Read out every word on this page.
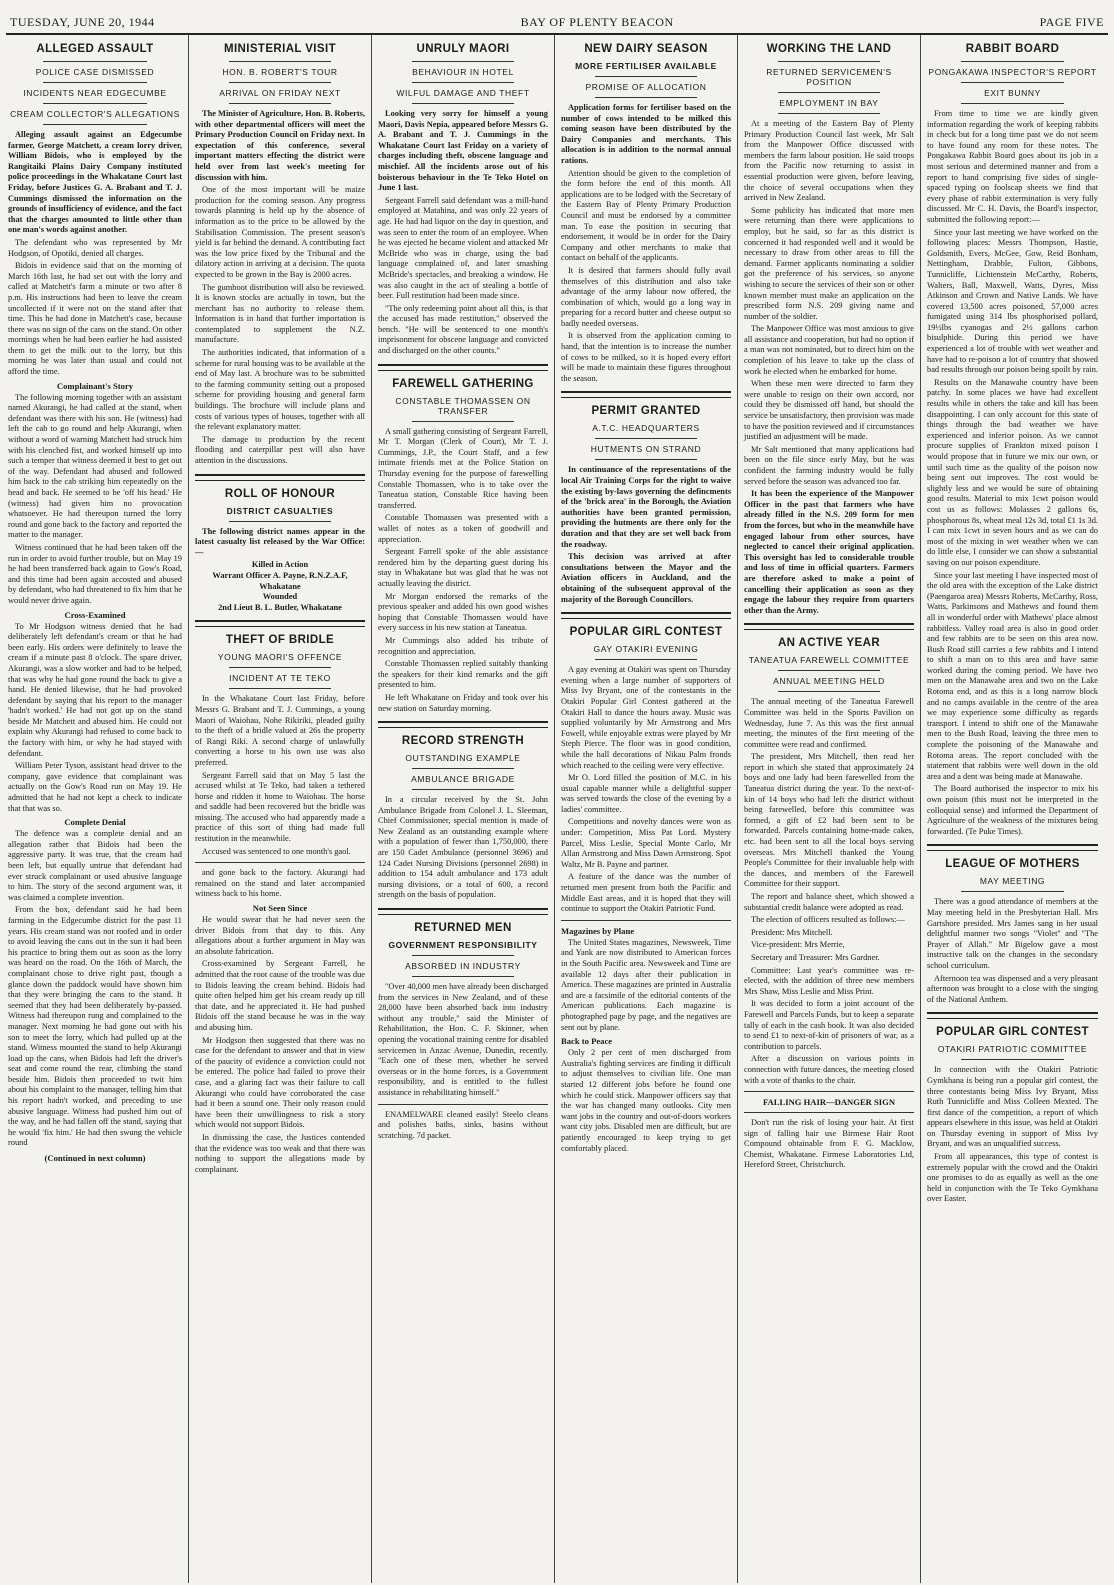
TUESDAY, JUNE 20, 1944	BAY OF PLENTY BEACON	PAGE FIVE
ALLEGED ASSAULT
POLICE CASE DISMISSED
INCIDENTS NEAR EDGECUMBE
CREAM COLLECTOR'S ALLEGATIONS

Alleging assault against an Edgecumbe farmer, George Matchett, a cream lorry driver, William Bidois, who is employed by the Rangitaiki Plains Dairy Company instituted police proceedings in the Whakatane Court last Friday, before Justices G. A. Brabant and T. J. Cummings dismissed the information on the grounds of insufficiency of evidence, and the fact that the charges amounted to little other than one man's words against another.

The defendant who was represented by Mr Hodgson, of Opotiki, denied all charges.

Bidois in evidence said that on the morning of March 16th last, he had set out with the lorry and called at Matchett's farm a minute or two after 8 p.m. His instructions had been to leave the cream uncollected if it were not on the stand after that time. This he had done in Matchett's case, because there was no sign of the cans on the stand. On other mornings when he had been earlier he had assisted them to get the milk out to the lorry, but this morning he was later than usual and could not afford the time.

Complainant's Story

The following morning together with an assistant named Akurangi, he had called at the stand, when defendant was there with his son. He (witness) had left the cab to go round and help Akurangi, when without a word of warning Matchett had struck him with his clenched fist, and worked himself up into such a temper that witness deemed it best to get out of the way. Defendant had abused and followed him back to the cab striking him repeatedly on the head and back. He seemed to be 'off his head.' He (witness) had given him no provocation whatsoever. He had thereupon turned the lorry round and gone back to the factory and reported the matter to the manager.

Witness continued that he had been taken off the run in order to avoid further trouble, but on May 19 he had been transferred back again to Gow's Road, and this time had been again accosted and abused by defendant, who had threatened to fix him that he would never drive again.

Cross-Examined

To Mr Hodgson witness denied that he had deliberately left defendant's cream or that he had been early. His orders were definitely to leave the cream if a minute past 8 o'clock. The spare driver, Akurangi, was a slow worker and had to be helped, that was why he had gone round the back to give a hand. He denied likewise, that he had provoked defendant by saying that his report to the manager 'hadn't worked.' He had not got up on the stand beside Mr Matchett and abused him. He could not explain why Akurangi had refused to come back to the factory with him, or why he had stayed with defendant.

William Peter Tyson, assistant head driver to the company, gave evidence that complainant was actually on the Gow's Road run on May 19. He admitted that he had not kept a check to indicate that that was so.

Complete Denial

The defence was a complete denial and an allegation rather that Bidois had been the aggressive party. It was true, that the cream had been left, but equally untrue that defendant had ever struck complainant or used abusive language to him. The story of the second argument was, it was claimed a complete invention.

From the box, defendant said he had been farming in the Edgecumbe district for the past 11 years. His cream stand was not roofed and in order to avoid leaving the cans out in the sun it had been his practice to bring them out as soon as the lorry was heard on the road. On the 16th of March, the complainant chose to drive right past, though a glance down the paddock would have shown him that they were bringing the cans to the stand. It seemed that they had been deliberately by-passed. Witness had thereupon rung and complained to the manager. Next morning he had gone out with his son to meet the lorry, which had pulled up at the stand. Witness mounted the stand to help Akurangi load up the cans, when Bidois had left the driver's seat and come round the rear, climbing the stand beside him. Bidois then proceeded to twit him about his complaint to the manager, telling him that his report hadn't worked, and preceding to use abusive language. Witness had pushed him out of the way, and he had fallen off the stand, saying that he would 'fix him.' He had then swung the vehicle round

(Continued in next column)
MINISTERIAL VISIT
HON. B. ROBERT'S TOUR
ARRIVAL ON FRIDAY NEXT

The Minister of Agriculture, Hon. B. Roberts, with other departmental officers will meet the Primary Production Council on Friday next. In expectation of this conference, several important matters effecting the district were held over from last week's meeting for discussion with him.

One of the most important will be maize production for the coming season. Any progress towards planning is held up by the absence of information as to the price to be allowed by the Stabilisation Commission. The present season's yield is far behind the demand. A contributing fact was the low price fixed by the Tribunal and the dilatory action in arriving at a decision. The quota expected to be grown in the Bay is 2000 acres.

The gumboot distribution will also be reviewed. It is known stocks are actually in town, but the merchant has no authority to release them. Information is in hand that further importation is contemplated to supplement the N.Z. manufacture.

The authorities indicated, that information of a scheme for rural housing was to be available at the end of May last. A brochure was to be submitted to the farming community setting out a proposed scheme for providing housing and general farm buildings. The brochure will include plans and costs of various types of houses, together with all the relevant explanatory matter.

The damage to production by the recent flooding and caterpillar pest will also have attention in the discussions.

ROLL OF HONOUR
DISTRICT CASUALTIES

The following district names appear in the latest casualty list released by the War Office:—

Killed in Action
Warrant Officer A. Payne, R.N.Z.A.F, Whakatane
Wounded
2nd Lieut B. L. Butler, Whakatane
THEFT OF BRIDLE
YOUNG MAORI'S OFFENCE
INCIDENT AT TE TEKO

In the Whakatane Court last Friday, before Messrs G. Brabant and T. J. Cummings, a young Maori of Waiohau, Nohe Rikiriki, pleaded guilty to the theft of a bridle valued at 26s the property of Rangi Riki. A second charge of unlawfully converting a horse to his own use was also preferred.

Sergeant Farrell said that on May 5 last the accused whilst at Te Teko, had taken a tethered horse and ridden it home to Waiohau. The horse and saddle had been recovered but the bridle was missing. The accused who had apparently made a practice of this sort of thing had made full restitution in the meanwhile.

Accused was sentenced to one month's gaol.

and gone back to the factory. Akurangi had remained on the stand and later accompanied witness back to his home.

Not Seen Since

He would swear that he had never seen the driver Bidois from that day to this. Any allegations about a further argument in May was an absolute fabrication.

Cross-examined by Sergeant Farrell, he admitted that the root cause of the trouble was due to Bidois leaving the cream behind. Bidois had quite often helped him get his cream ready up till that date, and he appreciated it. He had pushed Bidois off the stand because he was in the way and abusing him.

Mr Hodgson then suggested that there was no case for the defendant to answer and that in view of the paucity of evidence a conviction could not be entered. The police had failed to prove their case, and a glaring fact was their failure to call Akurangi who could have corroborated the case had it been a sound one. Their only reason could have been their unwillingness to risk a story which would not support Bidois.

In dismissing the case, the Justices contended that the evidence was too weak and that there was nothing to support the allegations made by complainant.

UNRULY MAORI
BEHAVIOUR IN HOTEL
WILFUL DAMAGE AND THEFT

Looking very sorry for himself a young Maori, Davis Nepia, appeared before Messrs G. A. Brabant and T. J. Cummings in the Whakatane Court last Friday on a variety of charges including theft, obscene language and mischief. All the incidents arose out of his boisterous behaviour in the Te Teko Hotel on June 1 last.

Sergeant Farrell said defendant was a mill-hand employed at Matahina, and was only 22 years of age. He had had liquor on the day in question, and was seen to enter the room of an employee. When he was ejected he became violent and attacked Mr McBride who was in charge, using the bad language complained of, and later smashing McBride's spectacles, and breaking a window. He was also caught in the act of stealing a bottle of beer. Full restitution had been made since.

"The only redeeming point about all this, is that the accused has made restitution," observed the bench. "He will be sentenced to one month's imprisonment for obscene language and convicted and discharged on the other counts."

FAREWELL GATHERING
CONSTABLE THOMASSEN ON TRANSFER

A small gathering consisting of Sergeant Farrell, Mr T. Morgan (Clerk of Court), Mr T. J. Cummings, J.P., the Court Staff, and a few intimate friends met at the Police Station on Thursday evening for the purpose of farewelling Constable Thomassen, who is to take over the Taneatua station, Constable Rice having been transferred.

Constable Thomassen was presented with a wallet of notes as a token of goodwill and appreciation.

Sergeant Farrell spoke of the able assistance rendered him by the departing guest during his stay in Whakatane but was glad that he was not actually leaving the district.

Mr Morgan endorsed the remarks of the previous speaker and added his own good wishes hoping that Constable Thomassen would have every success in his new station at Taneatua.

Mr Cummings also added his tribute of recognition and appreciation.

Constable Thomassen replied suitably thanking the speakers for their kind remarks and the gift presented to him.

He left Whakatane on Friday and took over his new station on Saturday morning.

RECORD STRENGTH
OUTSTANDING EXAMPLE
AMBULANCE BRIGADE

In a circular received by the St. John Ambulance Brigade from Colonel J. L. Sleeman, Chief Commissioner, special mention is made of New Zealand as an outstanding example where with a population of fewer than 1,750,000, there are 150 Cadet Ambulance (personnel 3696) and 124 Cadet Nursing Divisions (personnel 2698) in addition to 154 adult ambulance and 173 adult nursing divisions, or a total of 600, a record strength on the basis of population.

RETURNED MEN
GOVERNMENT RESPONSIBILITY
ABSORBED IN INDUSTRY

"Over 40,000 men have already been discharged from the services in New Zealand, and of these 28,000 have been absorbed back into industry without any trouble," said the Minister of Rehabilitation, the Hon. C. F. Skinner, when opening the vocational training centre for disabled servicemen in Anzac Avenue, Dunedin, recently. "Each one of these men, whether he served overseas or in the home forces, is a Government responsibility, and is entitled to the fullest assistance in rehabilitating himself."

ENAMELWARE cleaned easily! Steelo cleans and polishes baths, sinks, basins without scratching. 7d packet.

NEW DAIRY SEASON
MORE FERTILISER AVAILABLE
PROMISE OF ALLOCATION

Application forms for fertiliser based on the number of cows intended to be milked this coming season have been distributed by the Dairy Companies and merchants. This allocation is in addition to the normal annual rations.

Attention should be given to the completion of the form before the end of this month. All applications are to be lodged with the Secretary of the Eastern Bay of Plenty Primary Production Council and must be endorsed by a committee man. To ease the position in securing that endorsement, it would be in order for the Dairy Company and other merchants to make that contact on behalf of the applicants.

It is desired that farmers should fully avail themselves of this distribution and also take advantage of the army labour now offered, the combination of which, would go a long way in preparing for a record butter and cheese output so badly needed overseas.

It is observed from the application coming to hand, that the intention is to increase the number of cows to be milked, so it is hoped every effort will be made to maintain these figures throughout the season.

PERMIT GRANTED
A.T.C. HEADQUARTERS
HUTMENTS ON STRAND

In continuance of the representations of the local Air Training Corps for the right to waive the existing by-laws governing the defincments of the 'brick area' in the Borough, the Aviation authorities have been granted permission, providing the hutments are there only for the duration and that they are set well back from the roadway.

This decision was arrived at after consultations between the Mayor and the Aviation officers in Auckland, and the obtaining of the subsequent approval of the majority of the Borough Councillors.

POPULAR GIRL CONTEST
GAY OTAKIRI EVENING

A gay evening at Otakiri was spent on Thursday evening when a large number of supporters of Miss Ivy Bryant, one of the contestants in the Otakiri Popular Girl Contest gathered at the Otakiri Hall to dance the hours away. Music was supplied voluntarily by Mr Armstrong and Mrs Fowell, while enjoyable extras were played by Mr Steph Pierce. The floor was in good condition, while the hall decorations of Nikau Palm fronds which reached to the ceiling were very effective.

Mr O. Lord filled the position of M.C. in his usual capable manner while a delightful supper was served towards the close of the evening by a ladies' committee.

Competitions and novelty dances were won as under: Competition, Miss Pat Lord. Mystery Parcel, Miss Leslie, Special Monte Carlo, Mr Allan Armstrong and Miss Dawn Armstrong. Spot Waltz, Mr B. Payne and partner.

A feature of the dance was the number of returned men present from both the Pacific and Middle East areas, and it is hoped that they will continue to support the Otakiri Patriotic Fund.

Magazines by Plane

The United States magazines, Newsweek, Time and Yank are now distributed to American forces in the South Pacific area. Newsweek and Time are available 12 days after their publication in America. These magazines are printed in Australia and are a facsimile of the editorial contents of the American publications. Each magazine is photographed page by page, and the negatives are sent out by plane.

Back to Peace

Only 2 per cent of men discharged from Australia's fighting services are finding it difficult to adjust themselves to civilian life. One man started 12 different jobs before he found one which he could stick. Manpower officers say that the war has changed many outlooks. City men want jobs in the country and out-of-doors workers want city jobs. Disabled men are difficult, but are patiently encouraged to keep trying to get comfortably placed.

WORKING THE LAND
RETURNED SERVICEMEN'S POSITION
EMPLOYMENT IN BAY

At a meeting of the Eastern Bay of Plenty Primary Production Council last week, Mr Salt from the Manpower Office discussed with members the farm labour position. He said troops from the Pacific now returning to assist in essential production were given, before leaving, the choice of several occupations when they arrived in New Zealand.

Some publicity has indicated that more men were returning than there were applications to employ, but he said, so far as this district is concerned it had responded well and it would be necessary to draw from other areas to fill the demand. Farmer applicants nominating a soldier got the preference of his services, so anyone wishing to secure the services of their son or other known member must make an application on the prescribed form N.S. 209 giving name and number of the soldier.

The Manpower Office was most anxious to give all assistance and cooperation, but had no option if a man was not nominated, but to direct him on the completion of his leave to take up the class of work he elected when he embarked for home.

When these men were directed to farm they were unable to resign on their own accord, nor could they be dismissed off hand, but should the service be unsatisfactory, then provision was made to have the position reviewed and if circumstances justified an adjustment will be made.

Mr Salt mentioned that many applications had been on the file since early May, but he was confident the farming industry would be fully served before the season was advanced too far.

It has been the experience of the Manpower Officer in the past that farmers who have already filled in the N.S. 209 form for men from the forces, but who in the meanwhile have engaged labour from other sources, have neglected to cancel their original application. This oversight has led to considerable trouble and loss of time in official quarters. Farmers are therefore asked to make a point of cancelling their application as soon as they engage the labour they require from quarters other than the Army.

AN ACTIVE YEAR
TANEATUA FAREWELL COMMITTEE
ANNUAL MEETING HELD

The annual meeting of the Taneatua Farewell Committee was held in the Sports Pavilion on Wednesday, June 7. As this was the first annual meeting, the minutes of the first meeting of the committee were read and confirmed.

The president, Mrs Mitchell, then read her report in which she stated that approximately 24 boys and one lady had been farewelled from the Taneatua district during the year. To the next-of-kin of 14 boys who had left the district without being farewelled, before this committee was formed, a gift of £2 had been sent to be forwarded. Parcels containing home-made cakes, etc. had been sent to all the local boys serving overseas. Mrs Mitchell thanked the Young People's Committee for their invaluable help with the dances, and members of the Farewell Committee for their support.

The report and balance sheet, which showed a substantial credit balance were adopted as read.

The election of officers resulted as follows:—

President: Mrs Mitchell.

Vice-president: Mrs Merrie,

Secretary and Treasurer: Mrs Gardner.

Committee: Last year's committee was re-elected, with the addition of three new members Mrs Shaw, Miss Leslie and Miss Print.

It was decided to form a joint account of the Farewell and Parcels Funds, but to keep a separate tally of each in the cash book. It was also decided to send £1 to next-of-kin of prisoners of war, as a contribution to parcels.

After a discussion on various points in connection with future dances, the meeting closed with a vote of thanks to the chair.

FALLING HAIR—DANGER SIGN

Don't run the risk of losing your hair. At first sign of falling hair use Birmese Hair Root Compound obtainable from F. G. Macklow, Chemist, Whakatane. Firmese Laboratories Ltd, Hereford Street, Christchurch.

RABBIT BOARD
PONGAKAWA INSPECTOR'S REPORT
EXIT BUNNY

From time to time we are kindly given information regarding the work of keeping rabbits in check but for a long time past we do not seem to have found any room for these notes. The Pongakawa Rabbit Board goes about its job in a most serious and determined manner and from a report to hand comprising five sides of single-spaced typing on foolscap sheets we find that every phase of rabbit extermination is very fully discussed. Mr C. H. Davis, the Board's inspector, submitted the following report:—

Since your last meeting we have worked on the following places: Messrs Thompson, Hastie, Goldsmith, Evers, McGee, Gow, Reid Bonham, Nettingham, Drabble, Fulton, Gibbons, Tunnicliffe, Lichtenstein McCarthy, Roberts, Walters, Ball, Maxwell, Watts, Dyres, Miss Atkinson and Crown and Native Lands. We have covered 13,500 acres poisoned, 57,000 acres fumigated using 314 lbs phosphorised pollard, 19½lbs cyanogas and 2½ gallons carbon bisulphide. During this period we have experienced a lot of trouble with wet weather and have had to re-poison a lot of country that showed bad results through our poison being spoilt by rain.

Results on the Manawahe country have been patchy. In some places we have had excellent results while in others the take and kill has been disappointing. I can only account for this state of things through the bad weather we have experienced and inferior poison. As we cannot procure supplies of Frankton mixed poison I would propose that in future we mix our own, or until such time as the quality of the poison now being sent out improves. The cost would be slightly less and we would be sure of obtaining good results. Material to mix 1cwt poison would cost us as follows: Molasses 2 gallons 6s, phosphorous 8s, wheat meal 12s 3d, total £1 1s 3d. I can mix 1cwt in seven hours and as we can do most of the mixing in wet weather when we can do little else, I consider we can show a substantial saving on our poison expenditure.

Since your last meeting I have inspected most of the old area with the exception of the Lake district (Paengaroa area) Messrs Roberts, McCarthy, Ross, Watts, Parkinsons and Mathews and found them all in wonderful order with Mathews' place almost rabbitless. Valley road area is also in good order and few rabbits are to be seen on this area now. Bush Road still carries a few rabbits and I intend to shift a man on to this area and have same worked during the coming period. We have two men on the Manawahe area and two on the Lake Rotoma end, and as this is a long narrow block and no camps available in the centre of the area we may experience some difficulty as regards transport. I intend to shift one of the Manawahe men to the Bush Road, leaving the three men to complete the poisoning of the Manawahe and Rotoma areas. The report concluded with the statement that rabbits were well down in the old area and a dent was being made at Manawahe.

The Board authorised the inspector to mix his own poison (this must not be interpreted in the colloquial sense) and informed the Department of Agriculture of the weakness of the mixtures being forwarded. (Te Puke Times).

LEAGUE OF MOTHERS
MAY MEETING

There was a good attendance of members at the May meeting held in the Presbyterian Hall. Mrs Gartshore presided. Mrs James sang in her usual delightful manner two songs "Violet" and "The Prayer of Allah." Mr Bigelow gave a most instructive talk on the changes in the secondary school curriculum.

Afternoon tea was dispensed and a very pleasant afternoon was brought to a close with the singing of the National Anthem.

POPULAR GIRL CONTEST
OTAKIRI PATRIOTIC COMMITTEE

In connection with the Otakiri Patriotic Gymkhana is being run a popular girl contest, the three contestants being Miss Ivy Bryant, Miss Ruth Tunnicliffe and Miss Colleen Mexted. The first dance of the competition, a report of which appears elsewhere in this issue, was held at Otakiri on Thursday evening in support of Miss Ivy Bryant, and was an unqualified success.

From all appearances, this type of contest is extremely popular with the crowd and the Otakiri one promises to do as equally as well as the one held in conjunction with the Te Teko Gymkhana over Easter.
